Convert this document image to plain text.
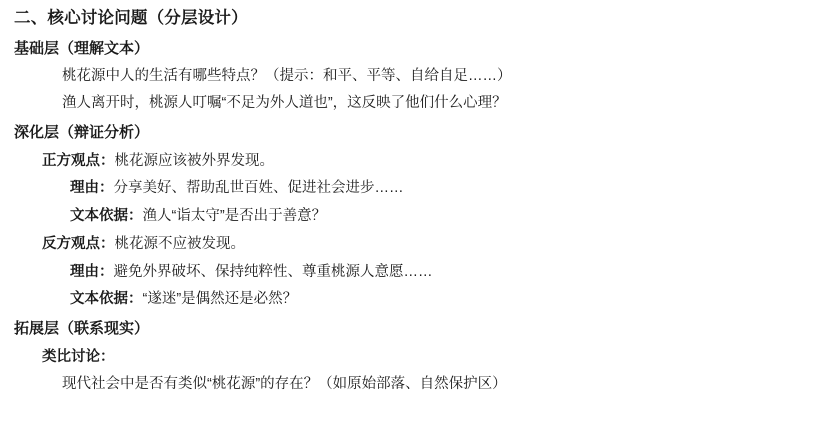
二、核心讨论问题（分层设计）
基础层（理解文本）
桃花源中人的生活有哪些特点？（提示：和平、平等、自给自足……）
渔人离开时，桃源人叮嘱“不足为外人道也”，这反映了他们什么心理？
深化层（辩证分析）
正方观点：桃花源应该被外界发现。
理由：分享美好、帮助乱世百姓、促进社会进步……
文本依据：渔人“诣太守”是否出于善意？
反方观点：桃花源不应被发现。
理由：避免外界破坏、保持纯粹性、尊重桃源人意愿……
文本依据：“遂迷”是偶然还是必然？
拓展层（联系现实）
类比讨论：
现代社会中是否有类似“桃花源”的存在？（如原始部落、自然保护区）
